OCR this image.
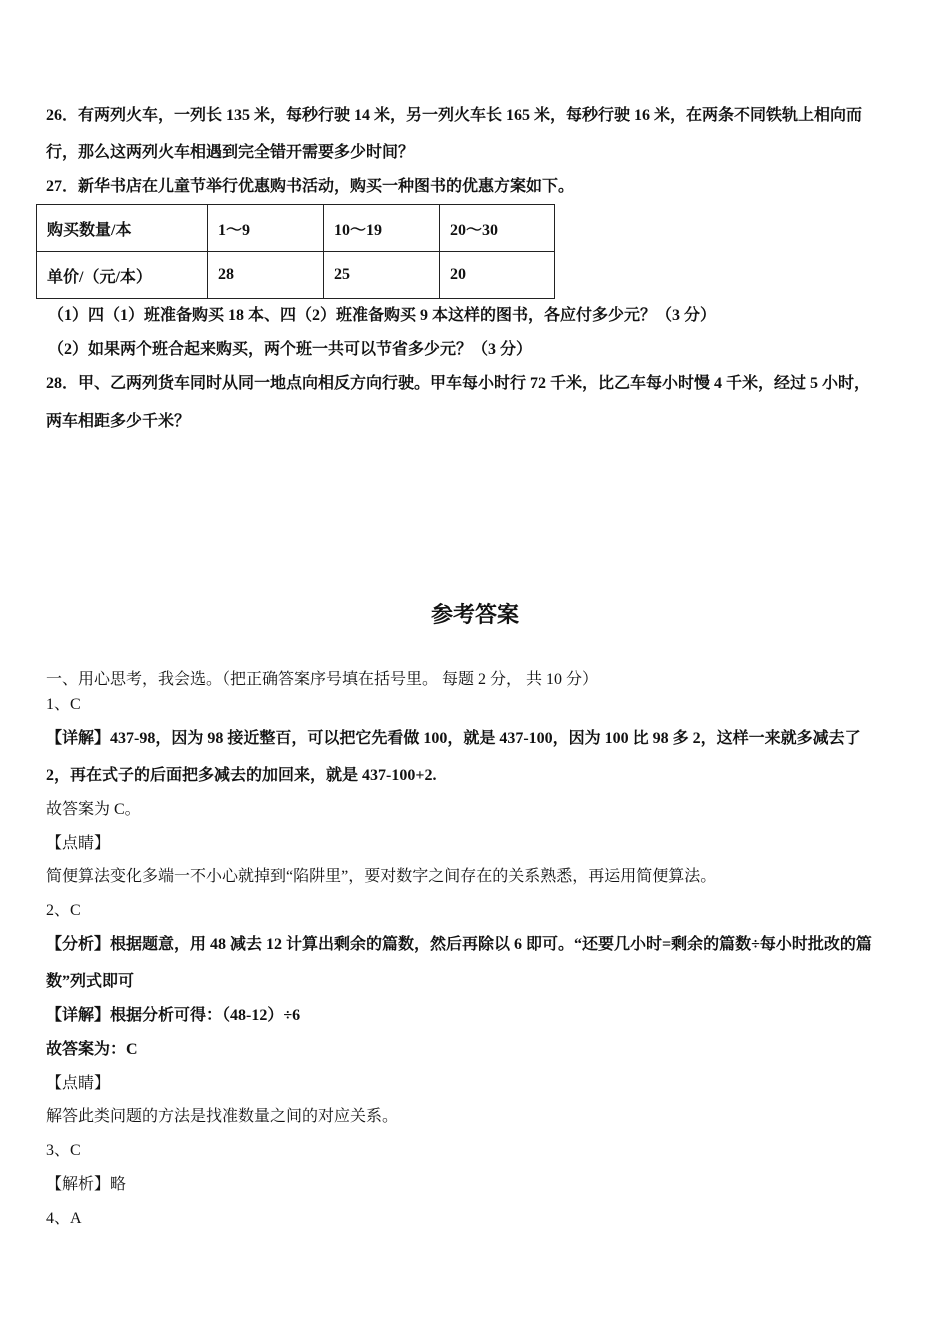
26．有两列火车，一列长 135 米，每秒行驶 14 米，另一列火车长 165 米，每秒行驶 16 米，在两条不同铁轨上相向而
行，那么这两列火车相遇到完全错开需要多少时间？
27．新华书店在儿童节举行优惠购书活动，购买一种图书的优惠方案如下。
购买数量/本	1～9	10～19	20～30
单价/（元/本）	28	25	20
（1）四（1）班准备购买 18 本、四（2）班准备购买 9 本这样的图书，各应付多少元？（3 分）
（2）如果两个班合起来购买，两个班一共可以节省多少元？（3 分）
28．甲、乙两列货车同时从同一地点向相反方向行驶。甲车每小时行 72 千米，比乙车每小时慢 4 千米，经过 5 小时，
两车相距多少千米？
参考答案
一、用心思考，我会选。（把正确答案序号填在括号里。 每题 2 分， 共 10 分）
1、C
【详解】437-98，因为 98 接近整百，可以把它先看做 100，就是 437-100，因为 100 比 98 多 2，这样一来就多减去了
2，再在式子的后面把多减去的加回来，就是 437-100+2.
故答案为 C。
【点睛】
简便算法变化多端一不小心就掉到“陷阱里”，要对数字之间存在的关系熟悉，再运用简便算法。
2、C
【分析】根据题意，用 48 减去 12 计算出剩余的篇数，然后再除以 6 即可。“还要几小时=剩余的篇数÷每小时批改的篇
数”列式即可
【详解】根据分析可得：（48-12）÷6
故答案为：C
【点睛】
解答此类问题的方法是找准数量之间的对应关系。
3、C
【解析】略
4、A
